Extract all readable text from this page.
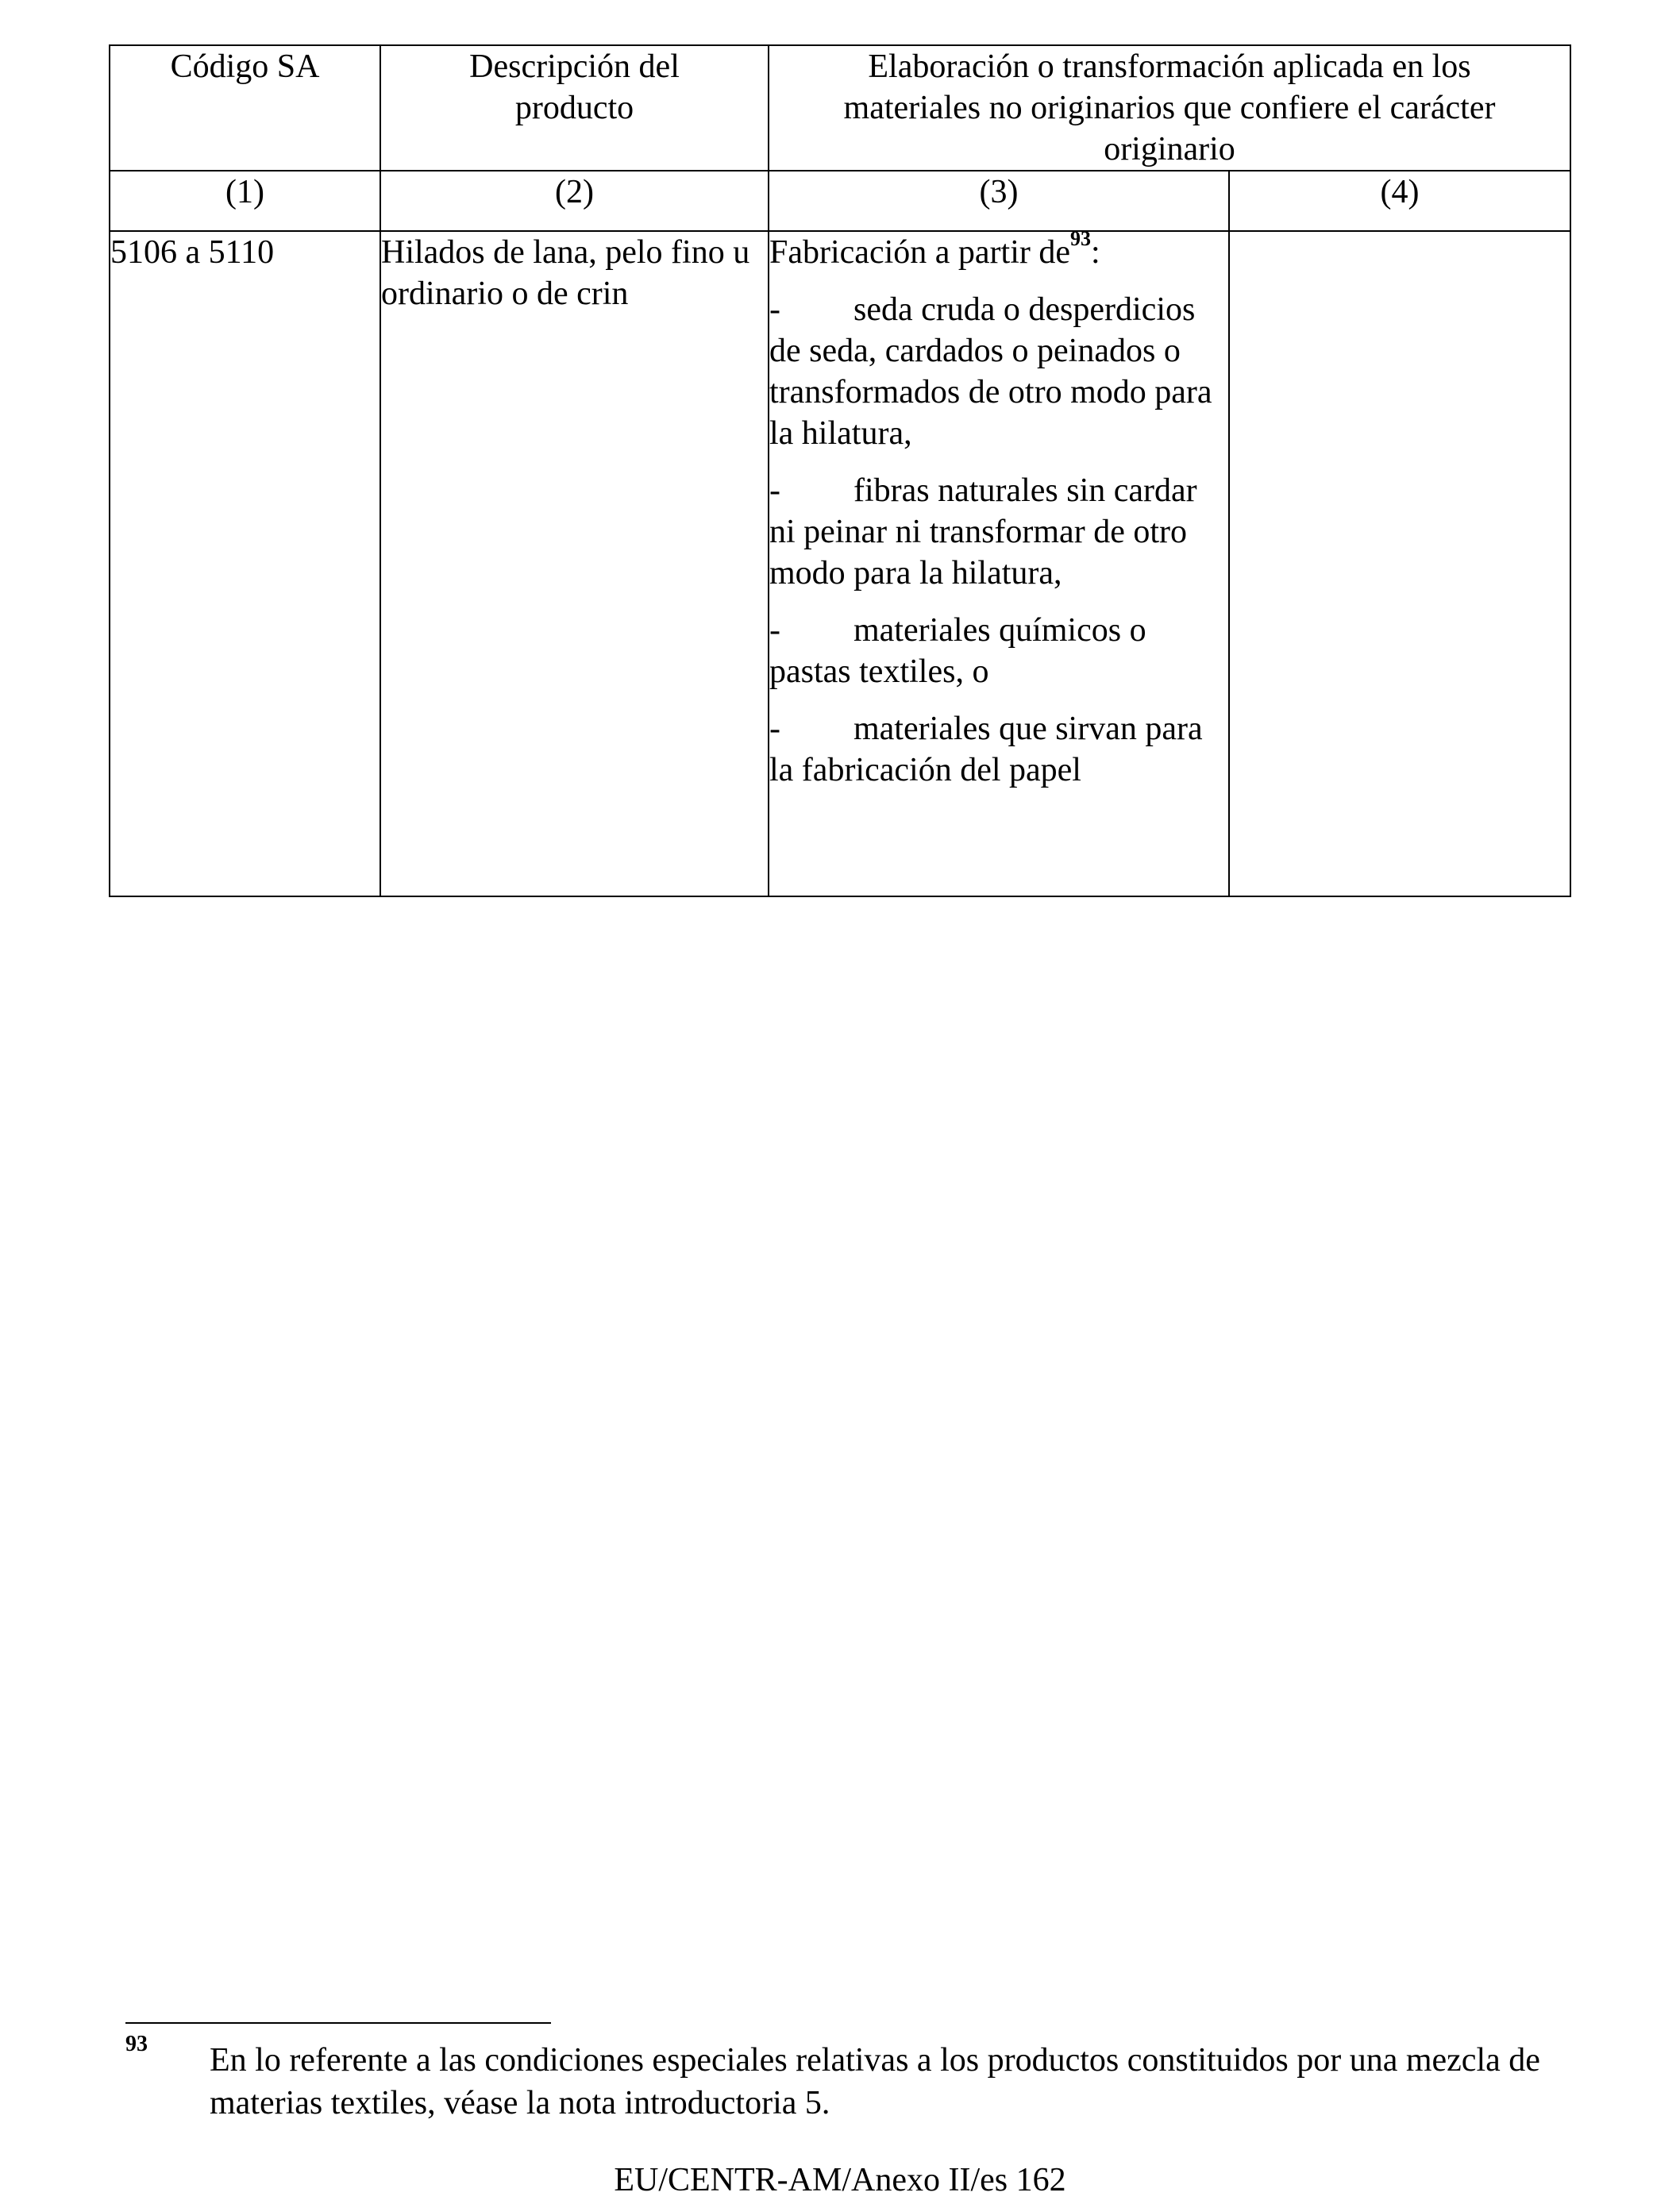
Código SA	Descripción del producto	Elaboración o transformación aplicada en los materiales no originarios que confiere el carácter originario	
(1)	(2)	(3)	(4)
5106 a 5110	Hilados de lana, pelo fino u ordinario o de crin	Fabricación a partir $de^{93}$:
- seda cruda o desperdicios de seda, cardados o peinados o transformados de otro modo para la hilatura,
- fibras naturales sin cardar ni peinar ni transformar de otro modo para la hilatura,
- materiales químicos o pastas textiles, o
- materiales que sirvan para la fabricación del papel	

93 En lo referente a las condiciones especiales relativas a los productos constituidos por una mezcla de materias textiles, véase la nota introductoria 5.
EU/CENTR-AM/Anexo II/es 162
